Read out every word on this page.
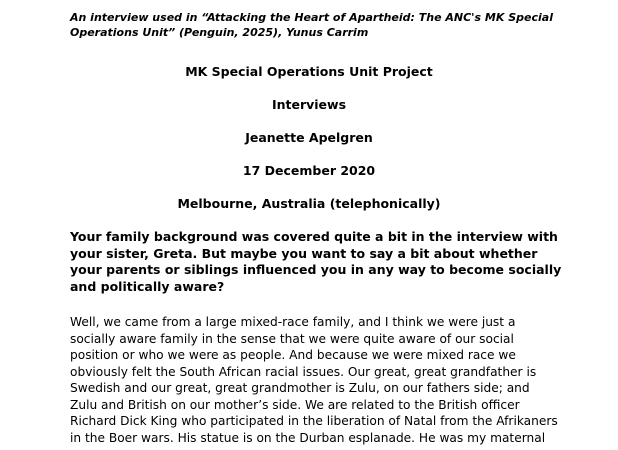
An interview used in “Attacking the Heart of Apartheid: The ANC's MK Special
Operations Unit” (Penguin, 2025), Yunus Carrim
MK Special Operations Unit Project
Interviews
Jeanette Apelgren
17 December 2020
Melbourne, Australia (telephonically)
Your family background was covered quite a bit in the interview with
your sister, Greta. But maybe you want to say a bit about whether
your parents or siblings influenced you in any way to become socially
and politically aware?
Well, we came from a large mixed-race family, and I think we were just a
socially aware family in the sense that we were quite aware of our social
position or who we were as people. And because we were mixed race we
obviously felt the South African racial issues. Our great, great grandfather is
Swedish and our great, great grandmother is Zulu, on our fathers side; and
Zulu and British on our mother’s side. We are related to the British officer
Richard Dick King who participated in the liberation of Natal from the Afrikaners
in the Boer wars. His statue is on the Durban esplanade. He was my maternal
